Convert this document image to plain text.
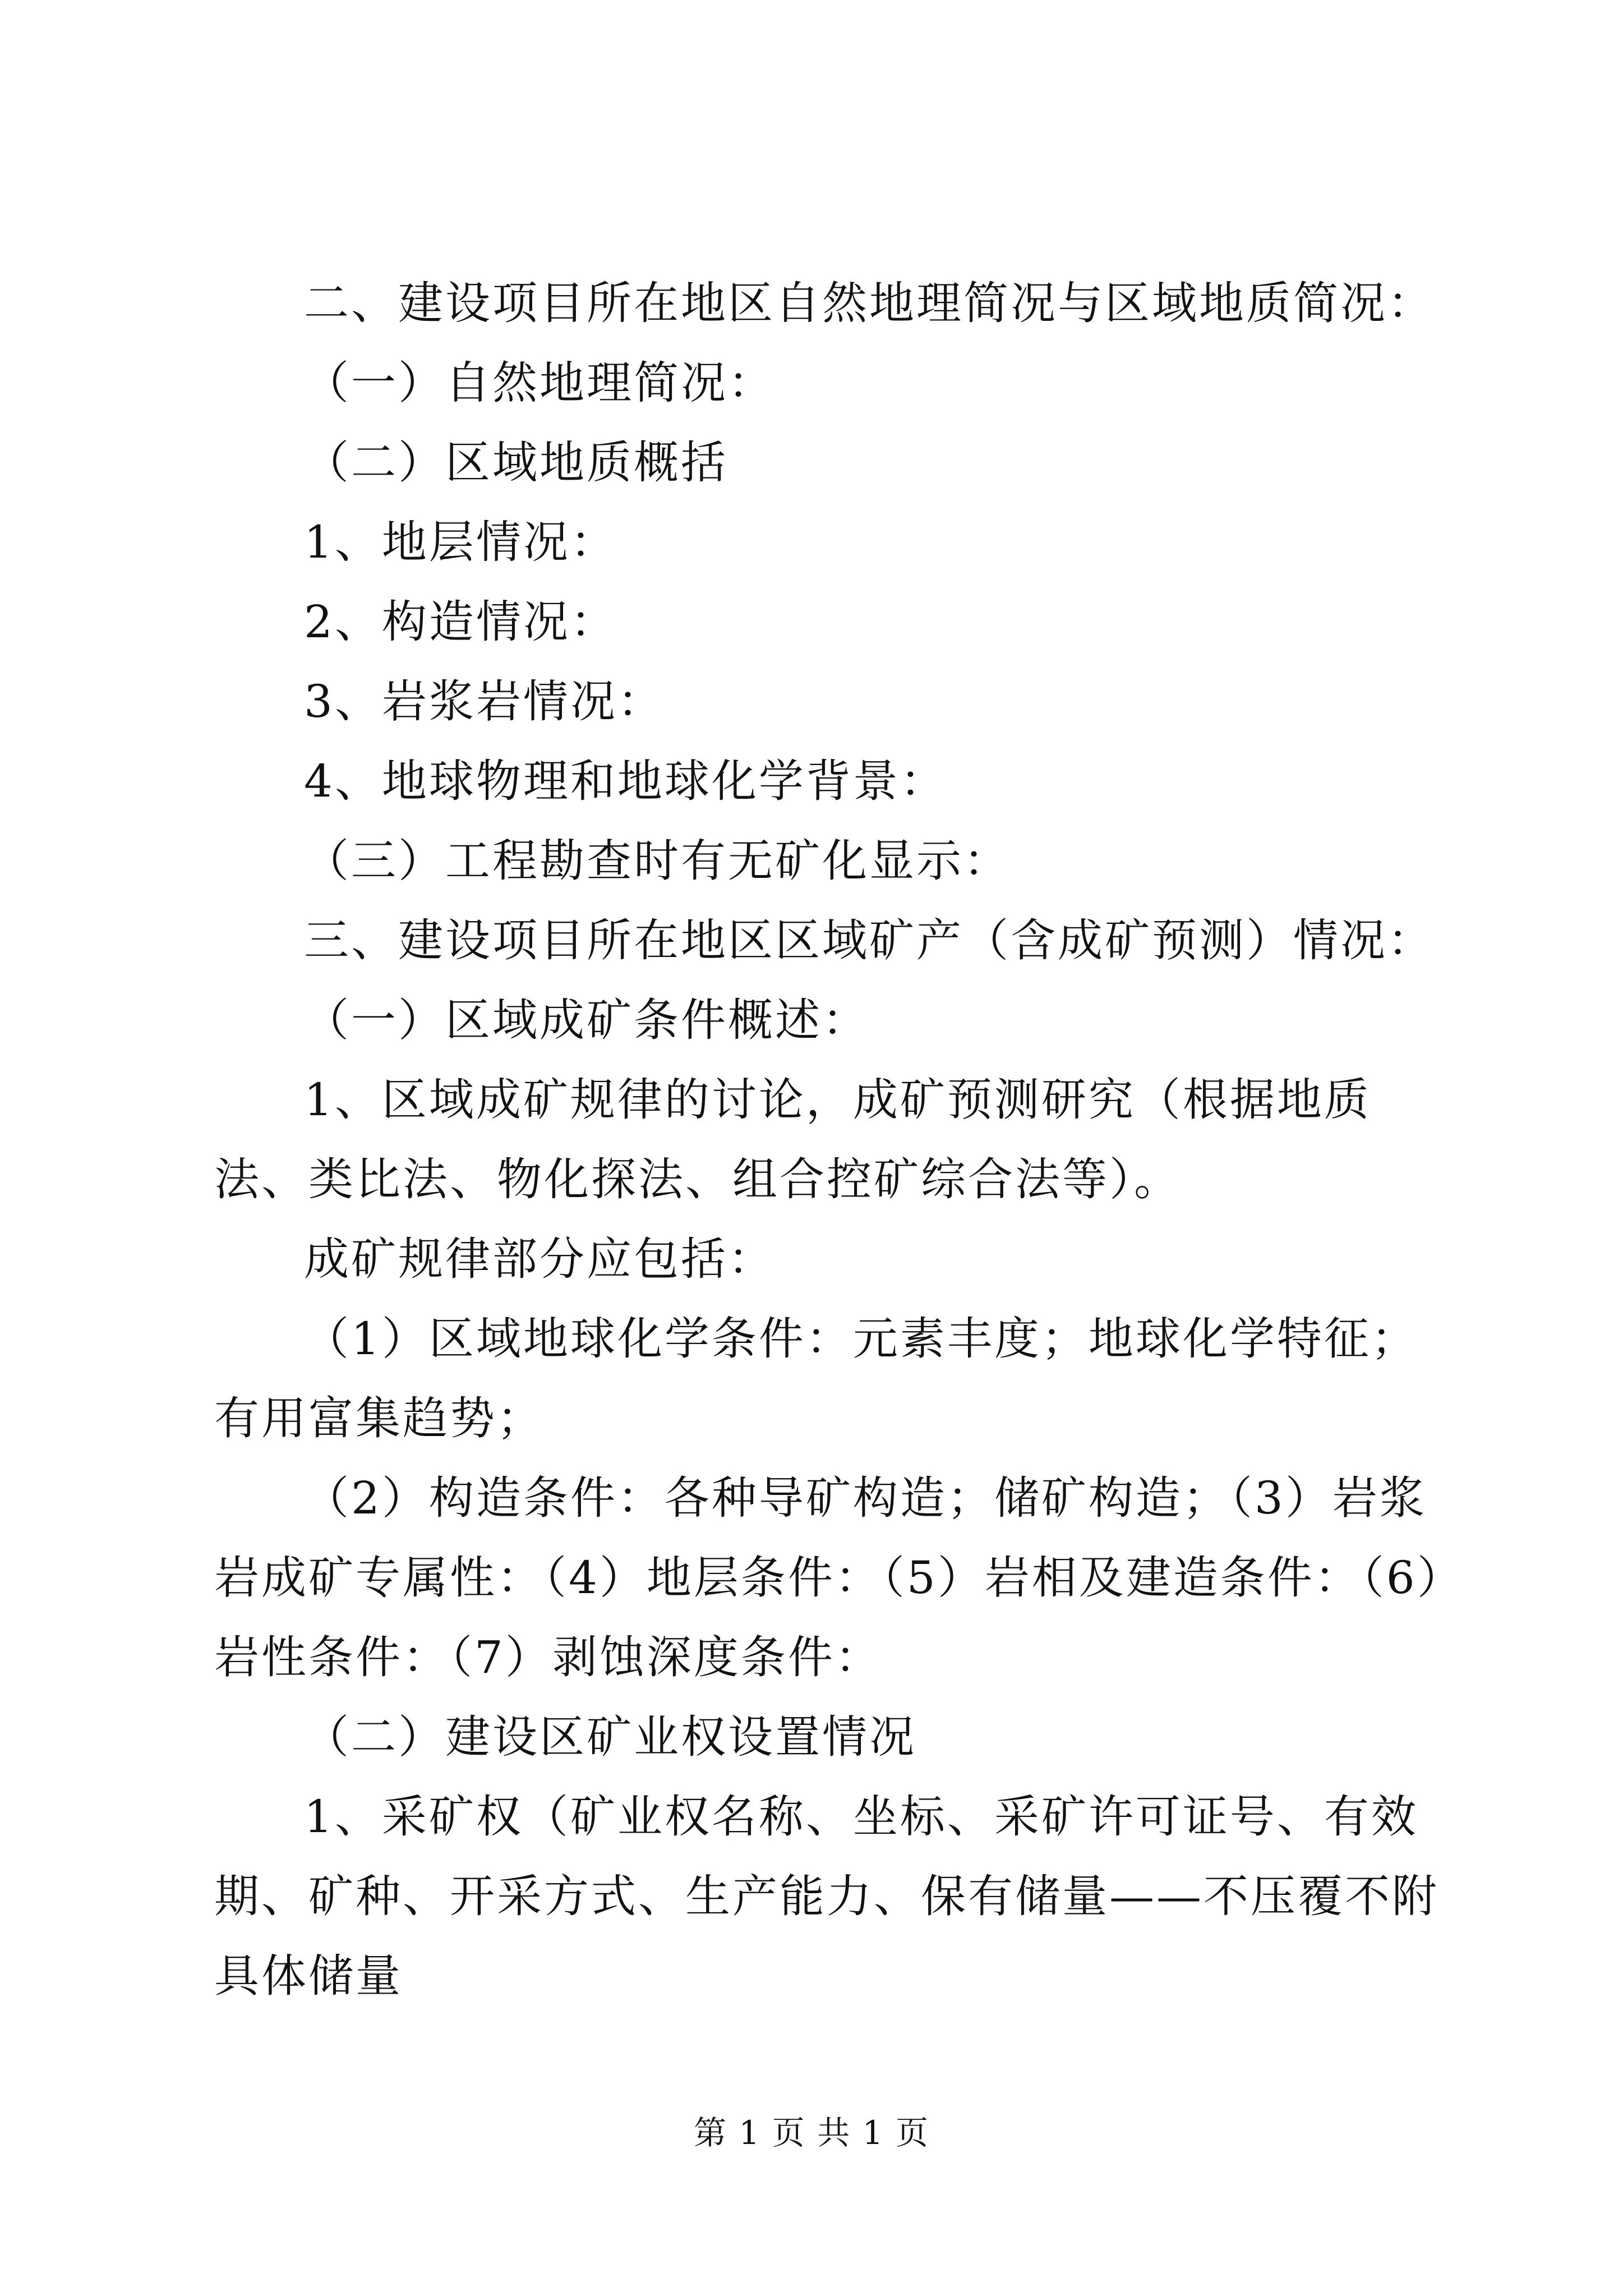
二、建设项目所在地区自然地理简况与区域地质简况：

（一）自然地理简况：

（二）区域地质概括

1、地层情况：

2、构造情况：

3、岩浆岩情况：

4、地球物理和地球化学背景：

（三）工程勘查时有无矿化显示：

三、建设项目所在地区区域矿产（含成矿预测）情况：

（一）区域成矿条件概述：

1、区域成矿规律的讨论，成矿预测研究（根据地质法、类比法、物化探法、组合控矿综合法等）。

成矿规律部分应包括：

（1）区域地球化学条件：元素丰度；地球化学特征；有用富集趋势；

（2）构造条件：各种导矿构造；储矿构造；（3）岩浆岩成矿专属性：（4）地层条件：（5）岩相及建造条件：（6）岩性条件：（7）剥蚀深度条件：

（二）建设区矿业权设置情况

1、采矿权（矿业权名称、坐标、采矿许可证号、有效期、矿种、开采方式、生产能力、保有储量——不压覆不附具体储量

第 1 页 共 1 页
